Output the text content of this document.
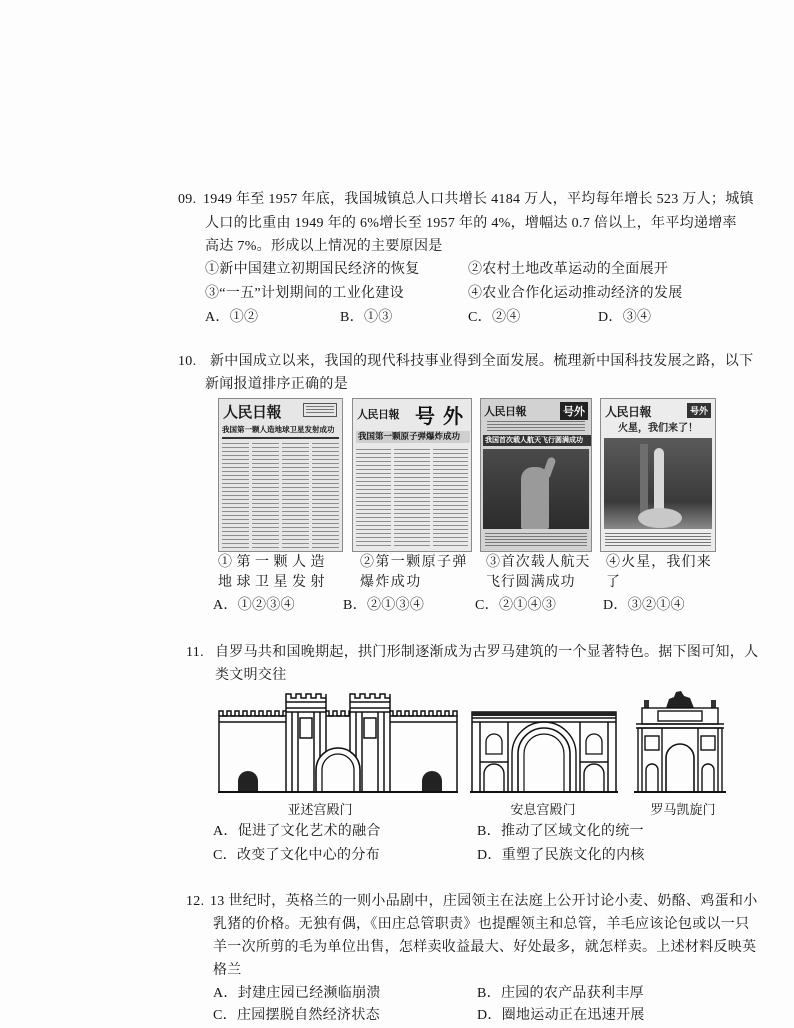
09. 1949 年至 1957 年底，我国城镇总人口共增长 4184 万人，平均每年增长 523 万人；城镇
人口的比重由 1949 年的 6%增长至 1957 年的 4%，增幅达 0.7 倍以上，年平均递增率
高达 7%。形成以上情况的主要原因是
①新中国建立初期国民经济的恢复	②农村土地改革运动的全面展开
③“一五”计划期间的工业化建设	④农业合作化运动推动经济的发展
A．①②	B．①③	C．②④	D．③④
10. 新中国成立以来，我国的现代科技事业得到全面发展。梳理新中国科技发展之路，以下
新闻报道排序正确的是
人民日報
我国第一颗人造地球卫星发射成功
人民日報 号外
我国第一颗原子弹爆炸成功
人民日報	号外
我国首次载人航天飞行圆满成功
人民日報	号外
火星，我们来了！
①第一颗人造
地球卫星发射
②第一颗原子弹
爆炸成功
③首次载人航天
飞行圆满成功
④火星，我们来
了
A．①②③④	B．②①③④	C．②①④③	D．③②①④
11. 自罗马共和国晚期起，拱门形制逐渐成为古罗马建筑的一个显著特色。据下图可知，人
类文明交往
亚述宫殿门	安息宫殿门	罗马凯旋门
A．促进了文化艺术的融合	B．推动了区域文化的统一
C．改变了文化中心的分布	D．重塑了民族文化的内核
12. 13 世纪时，英格兰的一则小品剧中，庄园领主在法庭上公开讨论小麦、奶酪、鸡蛋和小
乳猪的价格。无独有偶，《田庄总管职责》也提醒领主和总管，羊毛应该论包或以一只
羊一次所剪的毛为单位出售，怎样卖收益最大、好处最多，就怎样卖。上述材料反映英
格兰
A．封建庄园已经濒临崩溃	B．庄园的农产品获利丰厚
C．庄园摆脱自然经济状态	D．圈地运动正在迅速开展
